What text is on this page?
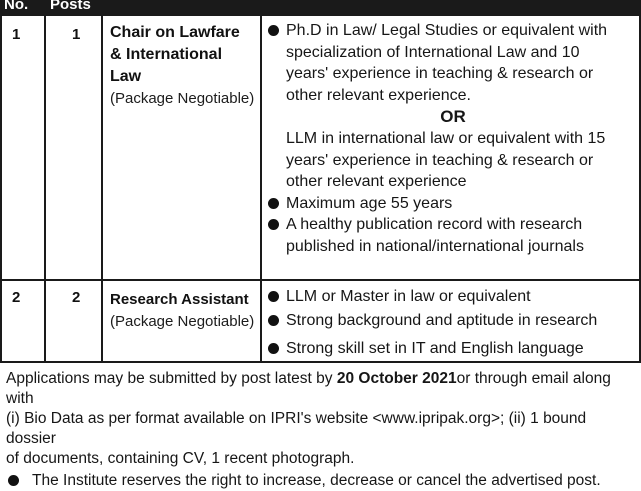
No. Posts
1	1 Chair on Lawfare
& International
Law
(Package Negotiable)
Ph.D in Law/ Legal Studies or equivalent with
specialization of International Law and 10
years' experience in teaching & research or
other relevant experience.
OR
LLM in international law or equivalent with 15
years' experience in teaching & research or
other relevant experience
Maximum age 55 years
A healthy publication record with research
published in national/international journals
2	2 Research Assistant
(Package Negotiable)
LLM or Master in law or equivalent
Strong background and aptitude in research
Strong skill set in IT and English language
Applications may be submitted by post latest by 20 October 2021or through email along with
(i) Bio Data as per format available on IPRI's website <www.ipripak.org>; (ii) 1 bound dossier
of documents, containing CV, 1 recent photograph.
The Institute reserves the right to increase, decrease or cancel the advertised post.
